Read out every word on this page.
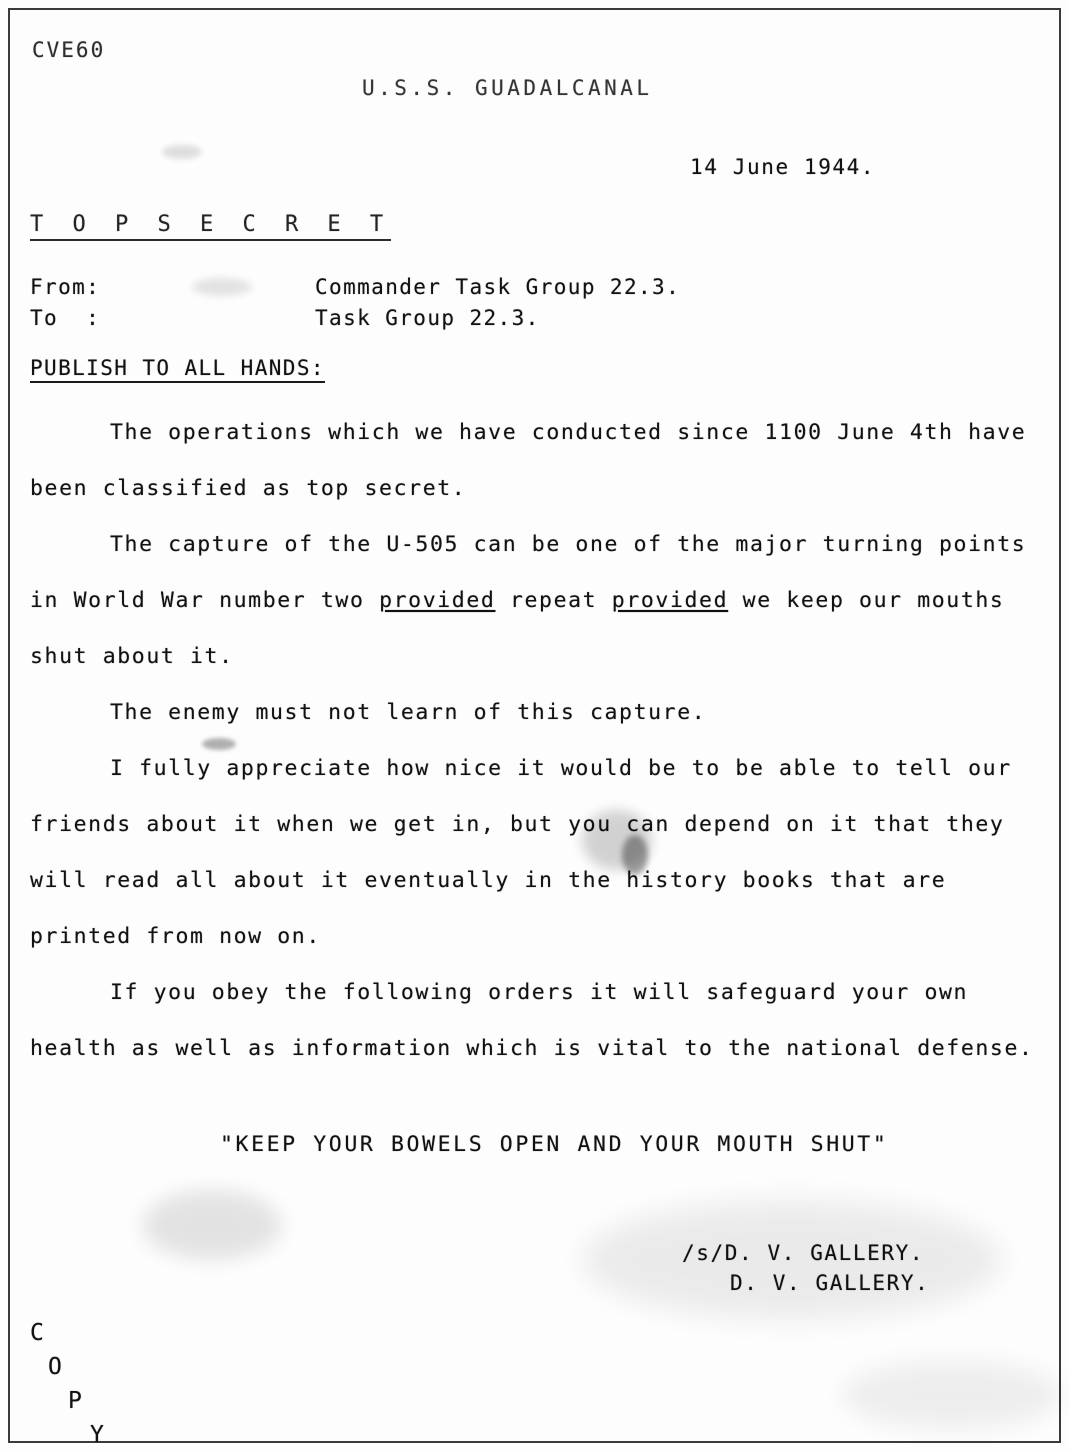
CVE60
U.S.S. GUADALCANAL
14 June 1944.
T O P S E C R E T
From:	Commander Task Group 22.3.
To  :	Task Group 22.3.
PUBLISH TO ALL HANDS:

The operations which we have conducted since 1100 June 4th have been classified as top secret.

The capture of the U-505 can be one of the major turning points in World War number two provided repeat provided we keep our mouths shut about it.

The enemy must not learn of this capture.

I fully appreciate how nice it would be to be able to tell our friends about it when we get in, but you can depend on it that they will read all about it eventually in the history books that are printed from now on.

If you obey the following orders it will safeguard your own health as well as information which is vital to the national defense.

"KEEP YOUR BOWELS OPEN AND YOUR MOUTH SHUT"
/s/D. V. GALLERY.
D. V. GALLERY.
C
O
P
Y
